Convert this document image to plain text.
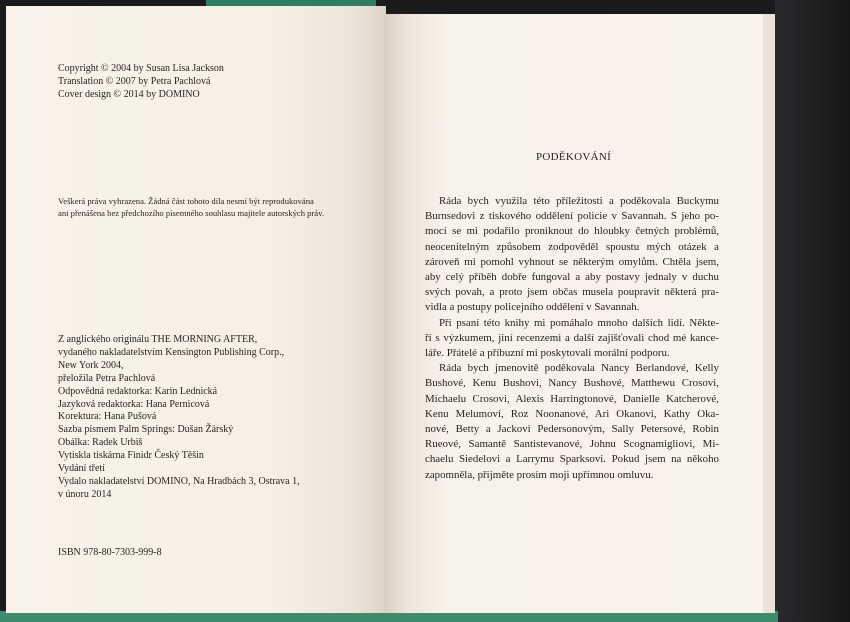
Copyright © 2004 by Susan Lisa Jackson
Translation © 2007 by Petra Pachlová
Cover design © 2014 by DOMINO
Veškerá práva vyhrazena. Žádná část tohoto díla nesmí být reprodukována
ani přenášena bez předchozího písemného souhlasu majitele autorských práv.
Z anglického originálu THE MORNING AFTER,
vydaného nakladatelstvím Kensington Publishing Corp.,
New York 2004,
přeložila Petra Pachlová
Odpovědná redaktorka: Karin Lednická
Jazyková redaktorka: Hana Pernicová
Korektura: Hana Pušová
Sazba písmem Palm Springs: Dušan Žárský
Obálka: Radek Urbiš
Vytiskla tiskárna Finidr Český Těšín
Vydání třetí
Vydalo nakladatelství DOMINO, Na Hradbách 3, Ostrava 1,
v únoru 2014
ISBN 978-80-7303-999-8
PODĚKOVÁNÍ
Ráda bych využila této příležitosti a poděkovala Buckymu
Burnsedovi z tiskového oddělení policie v Savannah. S jeho po-
mocí se mi podařilo proniknout do hloubky četných problémů,
neocenitelným způsobem zodpověděl spoustu mých otázek a
zároveň mi pomohl vyhnout se některým omylům. Chtěla jsem,
aby celý příběh dobře fungoval a aby postavy jednaly v duchu
svých povah, a proto jsem občas musela poupravit některá pra-
vidla a postupy policejního oddělení v Savannah.
Při psaní této knihy mi pomáhalo mnoho dalších lidí. Někte-
ří s výzkumem, jiní recenzemi a další zajišťovali chod mé kance-
láře. Přátelé a příbuzní mi poskytovali morální podporu.
Ráda bych jmenovitě poděkovala Nancy Berlandové, Kelly
Bushové, Kenu Bushovi, Nancy Bushové, Matthewu Crosovi,
Michaelu Crosovi, Alexis Harringtonové, Danielle Katcherové,
Kenu Melumovi, Roz Noonanové, Ari Okanovi, Kathy Oka-
nové, Betty a Jackovi Pedersonovým, Sally Petersové, Robin
Rueové, Samantě Santistevanové, Johnu Scognamigliovi, Mi-
chaelu Siedelovi a Larrymu Sparksovi. Pokud jsem na někoho
zapomněla, přijměte prosím moji upřímnou omluvu.
